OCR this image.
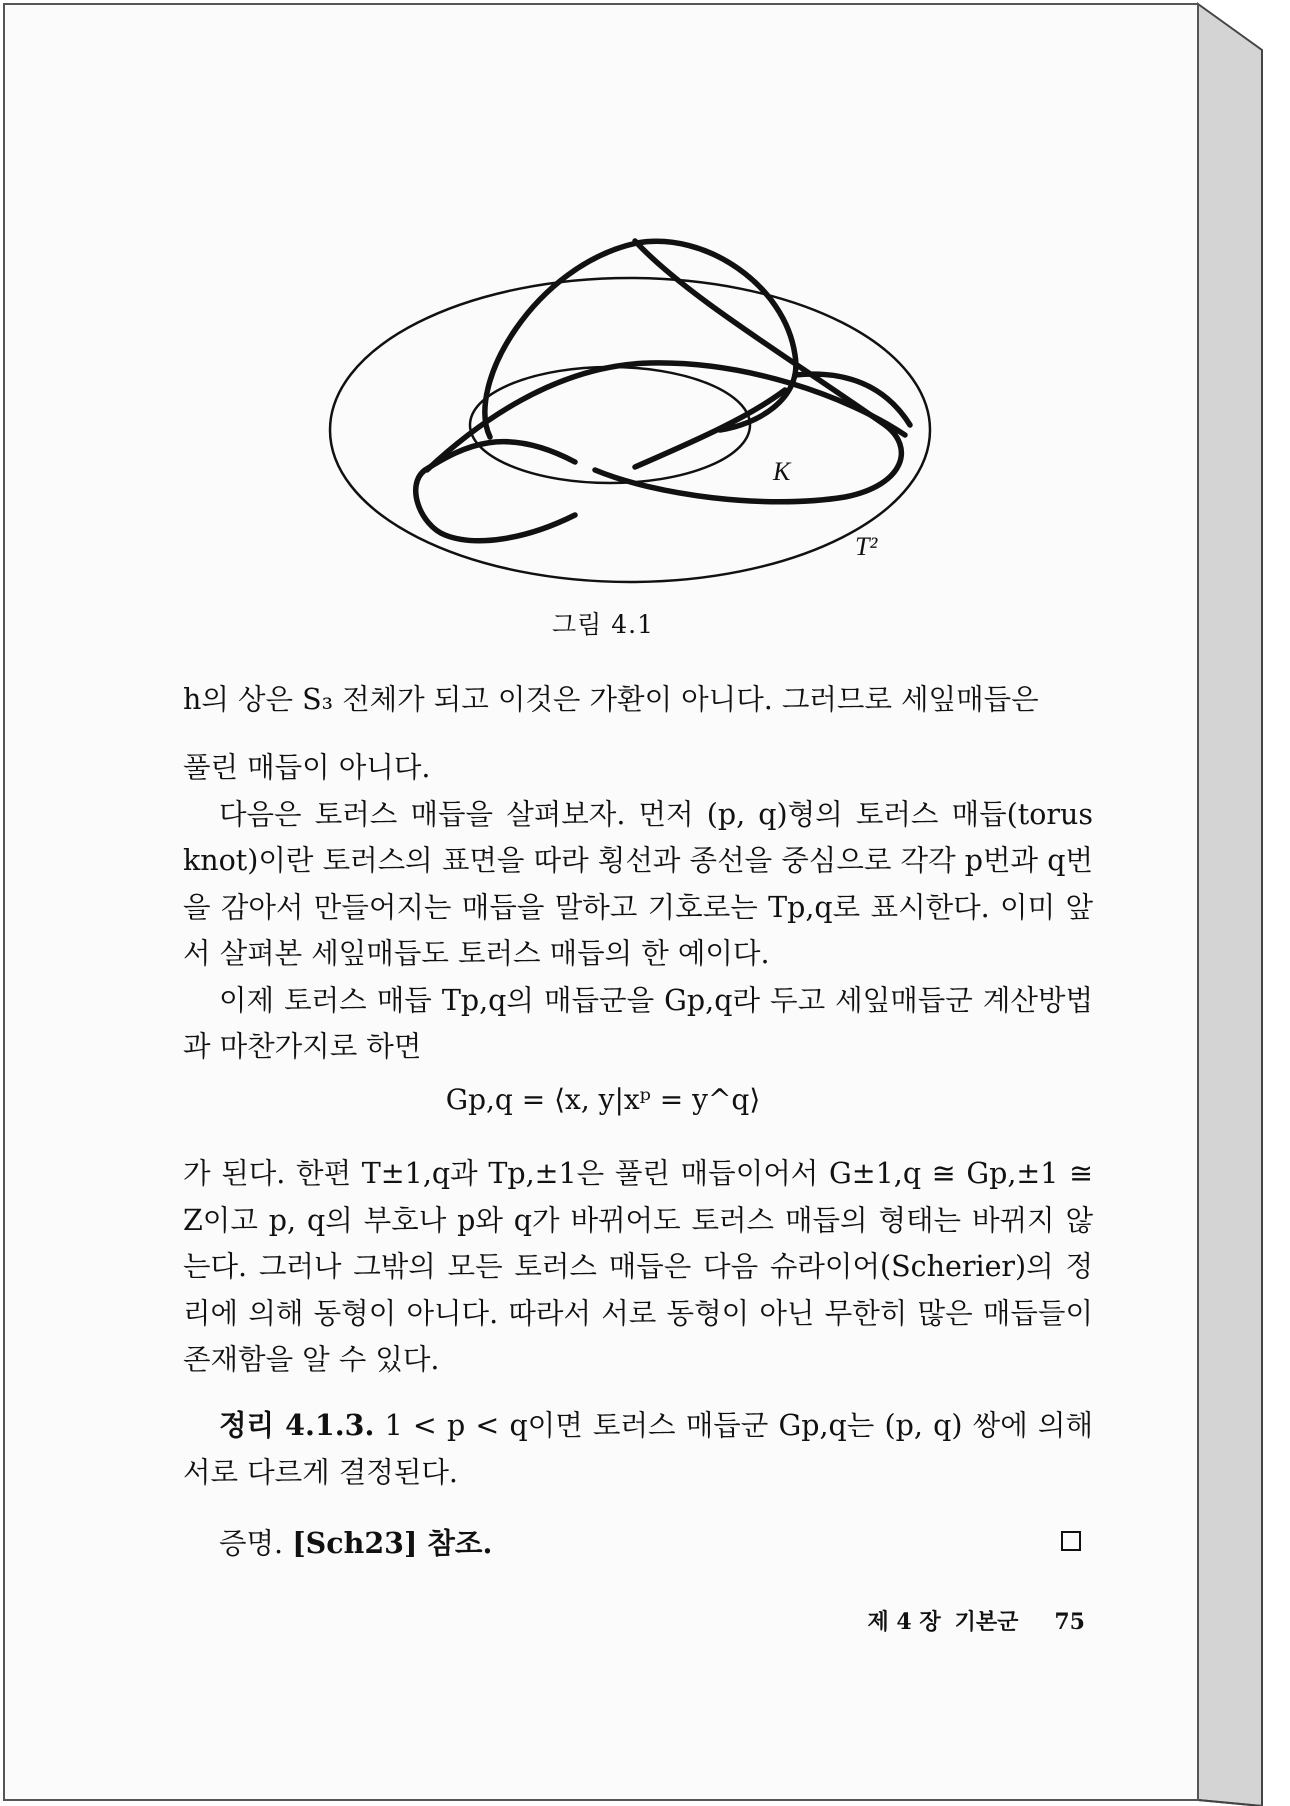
K
T²
그림 4.1

h의 상은 S₃ 전체가 되고 이것은 가환이 아니다. 그러므로 세잎매듭은

풀린 매듭이 아니다.

다음은 토러스 매듭을 살펴보자. 먼저 (p, q)형의 토러스 매듭(torus knot)이란 토러스의 표면을 따라 횡선과 종선을 중심으로 각각 p번과 q번을 감아서 만들어지는 매듭을 말하고 기호로는 Tp,q로 표시한다. 이미 앞서 살펴본 세잎매듭도 토러스 매듭의 한 예이다.

이제 토러스 매듭 Tp,q의 매듭군을 Gp,q라 두고 세잎매듭군 계산방법과 마찬가지로 하면

Gp,q = ⟨x, y|xᵖ = y^q⟩

가 된다. 한편 T±1,q과 Tp,±1은 풀린 매듭이어서 G±1,q ≅ Gp,±1 ≅ Z이고 p, q의 부호나 p와 q가 바뀌어도 토러스 매듭의 형태는 바뀌지 않는다. 그러나 그밖의 모든 토러스 매듭은 다음 슈라이어(Scherier)의 정리에 의해 동형이 아니다. 따라서 서로 동형이 아닌 무한히 많은 매듭들이 존재함을 알 수 있다.

정리 4.1.3. 1 < p < q이면 토러스 매듭군 Gp,q는 (p, q) 쌍에 의해 서로 다르게 결정된다.

증명. [Sch23] 참조.
제 4 장 기본군 75
